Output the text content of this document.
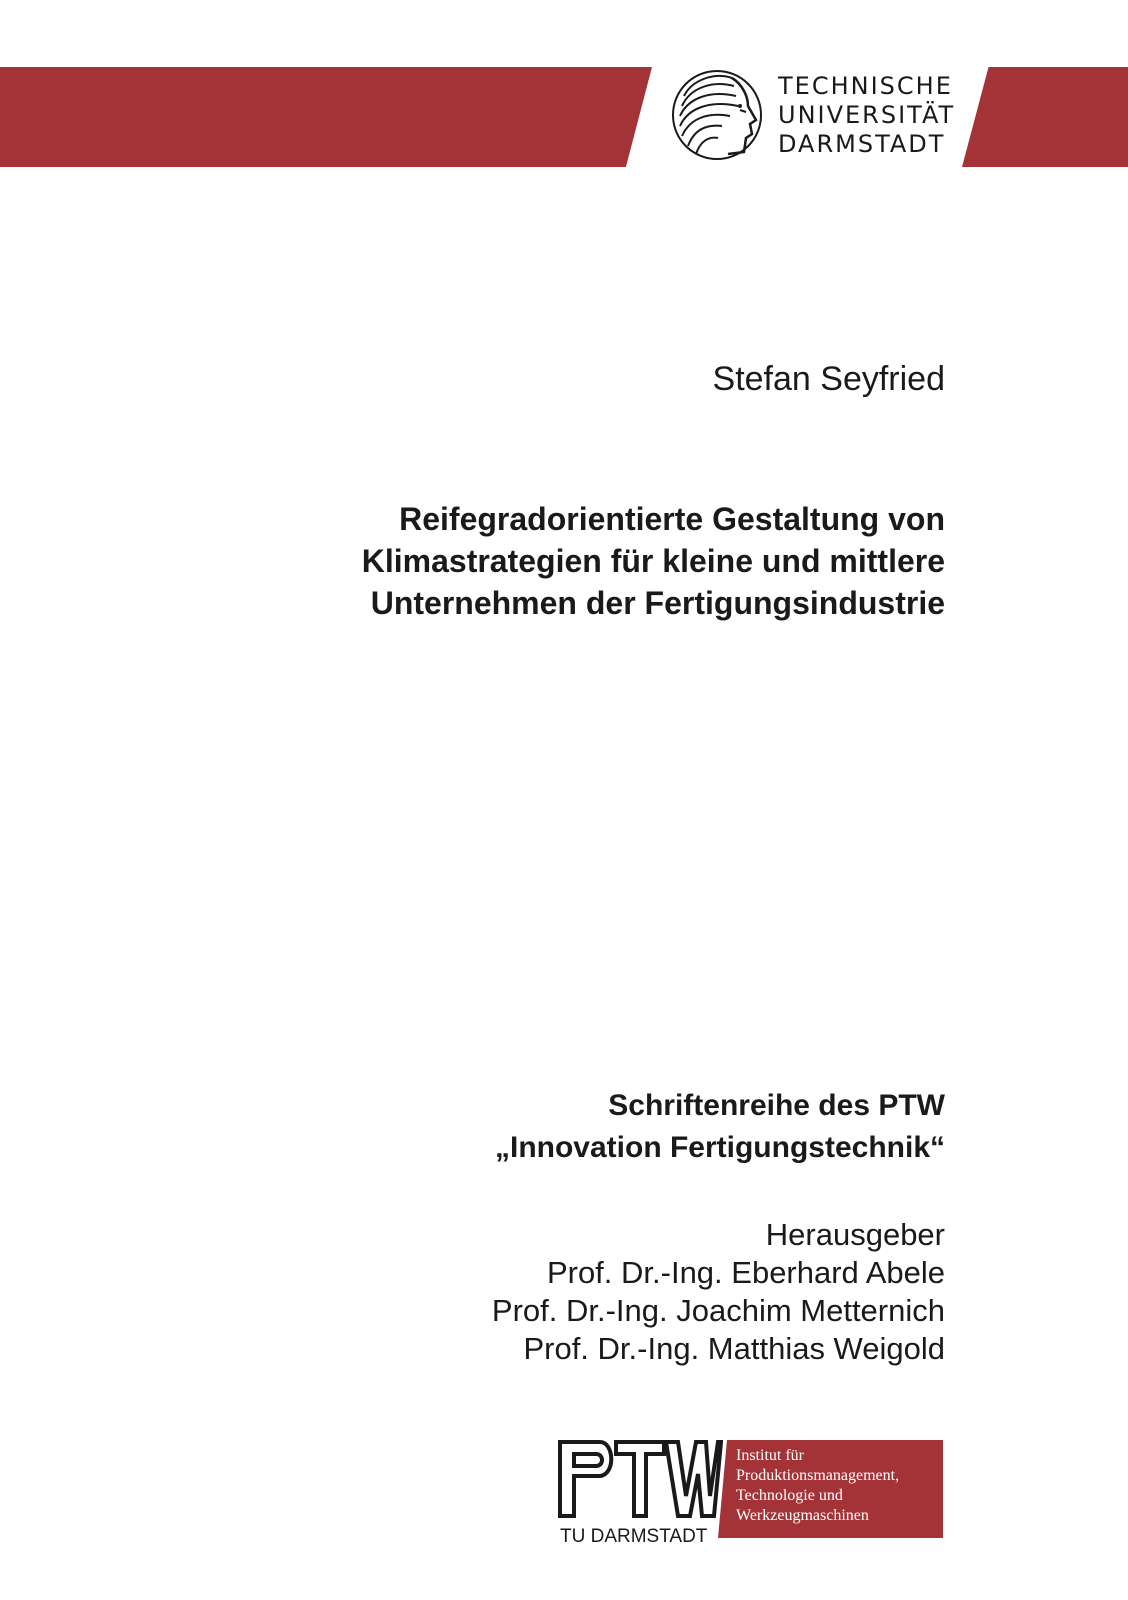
TECHNISCHE
UNIVERSITÄT
DARMSTADT
Stefan Seyfried
Reifegradorientierte Gestaltung von
Klimastrategien für kleine und mittlere
Unternehmen der Fertigungsindustrie
Schriftenreihe des PTW
„Innovation Fertigungstechnik“
Herausgeber
Prof. Dr.-Ing. Eberhard Abele
Prof. Dr.-Ing. Joachim Metternich
Prof. Dr.-Ing. Matthias Weigold
TU DARMSTADT
Institut für
Produktionsmanagement,
Technologie und
Werkzeugmaschinen
